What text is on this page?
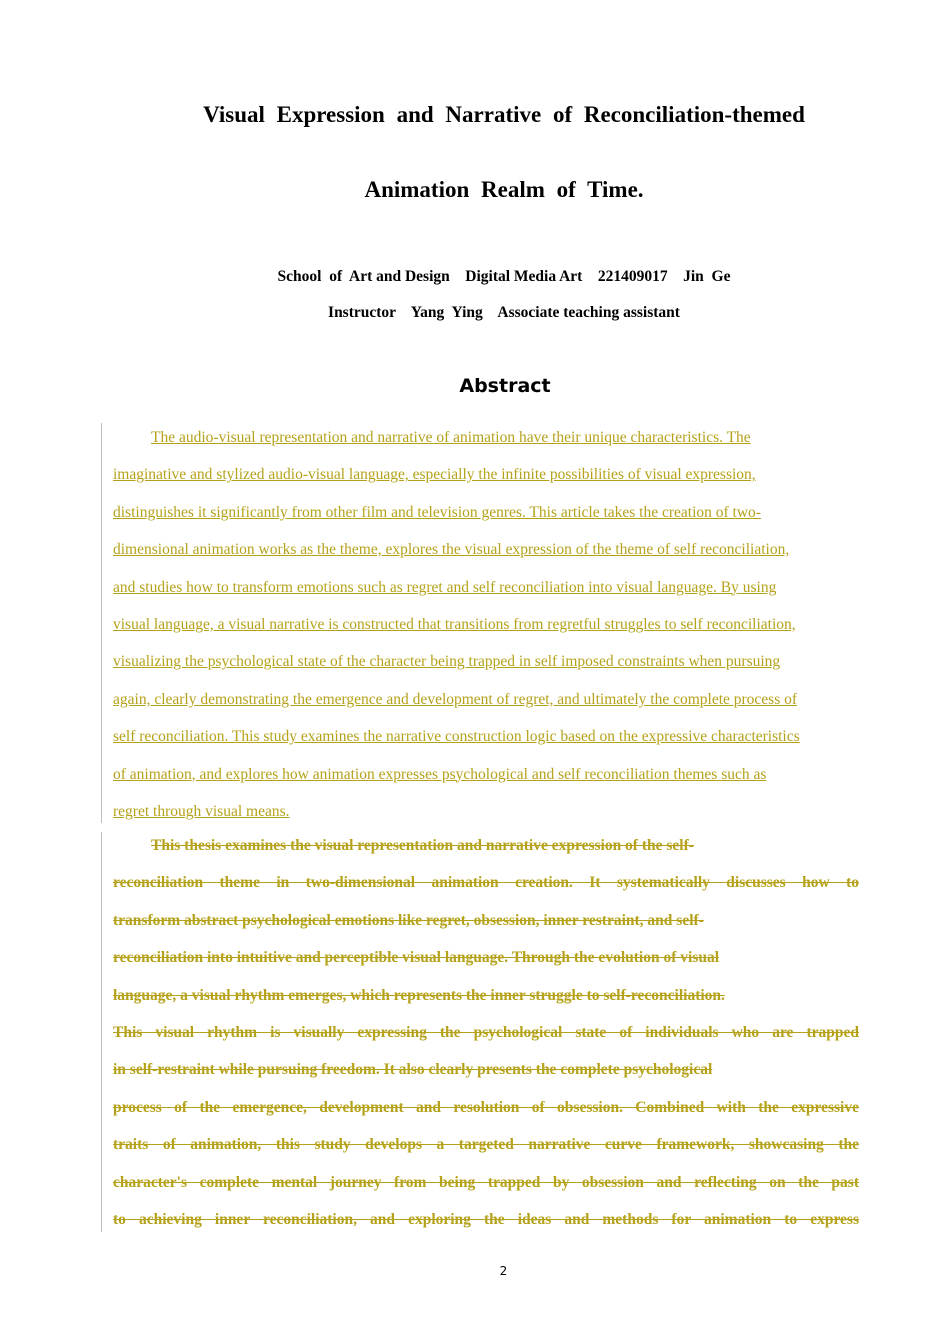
Visual Expression and Narrative of Reconciliation-themed
Animation Realm of Time.
School  of  Art and Design    Digital Media Art    221409017    Jin  Ge
Instructor    Yang  Ying    Associate teaching assistant
Abstract
The audio-visual representation and narrative of animation have their unique characteristics. The
imaginative and stylized audio-visual language, especially the infinite possibilities of visual expression,
distinguishes it significantly from other film and television genres. This article takes the creation of two-
dimensional animation works as the theme, explores the visual expression of the theme of self reconciliation,
and studies how to transform emotions such as regret and self reconciliation into visual language. By using
visual language, a visual narrative is constructed that transitions from regretful struggles to self reconciliation,
visualizing the psychological state of the character being trapped in self imposed constraints when pursuing
again, clearly demonstrating the emergence and development of regret, and ultimately the complete process of
self reconciliation. This study examines the narrative construction logic based on the expressive characteristics
of animation, and explores how animation expresses psychological and self reconciliation themes such as
regret through visual means.
This thesis examines the visual representation and narrative expression of the self-
reconciliation theme in two-dimensional animation creation. It systematically discusses how to
transform abstract psychological emotions like regret, obsession, inner restraint, and self-
reconciliation into intuitive and perceptible visual language. Through the evolution of visual
language, a visual rhythm emerges, which represents the inner struggle to self-reconciliation.
This visual rhythm is visually expressing the psychological state of individuals who are trapped
in self-restraint while pursuing freedom. It also clearly presents the complete psychological
process of the emergence, development and resolution of obsession. Combined with the expressive
traits of animation, this study develops a targeted narrative curve framework, showcasing the
character's complete mental journey from being trapped by obsession and reflecting on the past
to achieving inner reconciliation, and exploring the ideas and methods for animation to express
2
